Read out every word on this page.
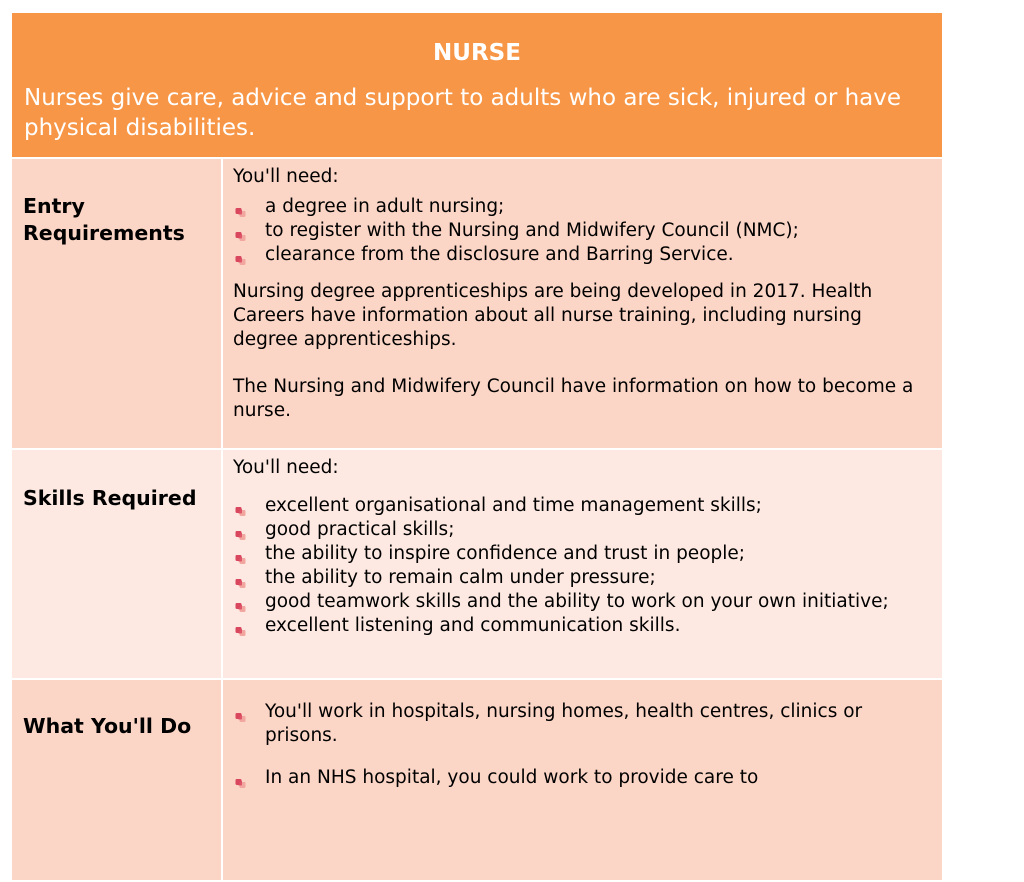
NURSE
Nurses give care, advice and support to adults who are sick, injured or have physical disabilities.
Entry Requirements

You'll need:

a degree in adult nursing;
to register with the Nursing and Midwifery Council (NMC);
clearance from the disclosure and Barring Service.

Nursing degree apprenticeships are being developed in 2017. Health Careers have information about all nurse training, including nursing degree apprenticeships.

The Nursing and Midwifery Council have information on how to become a nurse.

Skills Required

You'll need:

excellent organisational and time management skills;
good practical skills;
the ability to inspire confidence and trust in people;
the ability to remain calm under pressure;
good teamwork skills and the ability to work on your own initiative;
excellent listening and communication skills.
What You'll Do
You'll work in hospitals, nursing homes, health centres, clinics or prisons.
In an NHS hospital, you could work to provide care to
